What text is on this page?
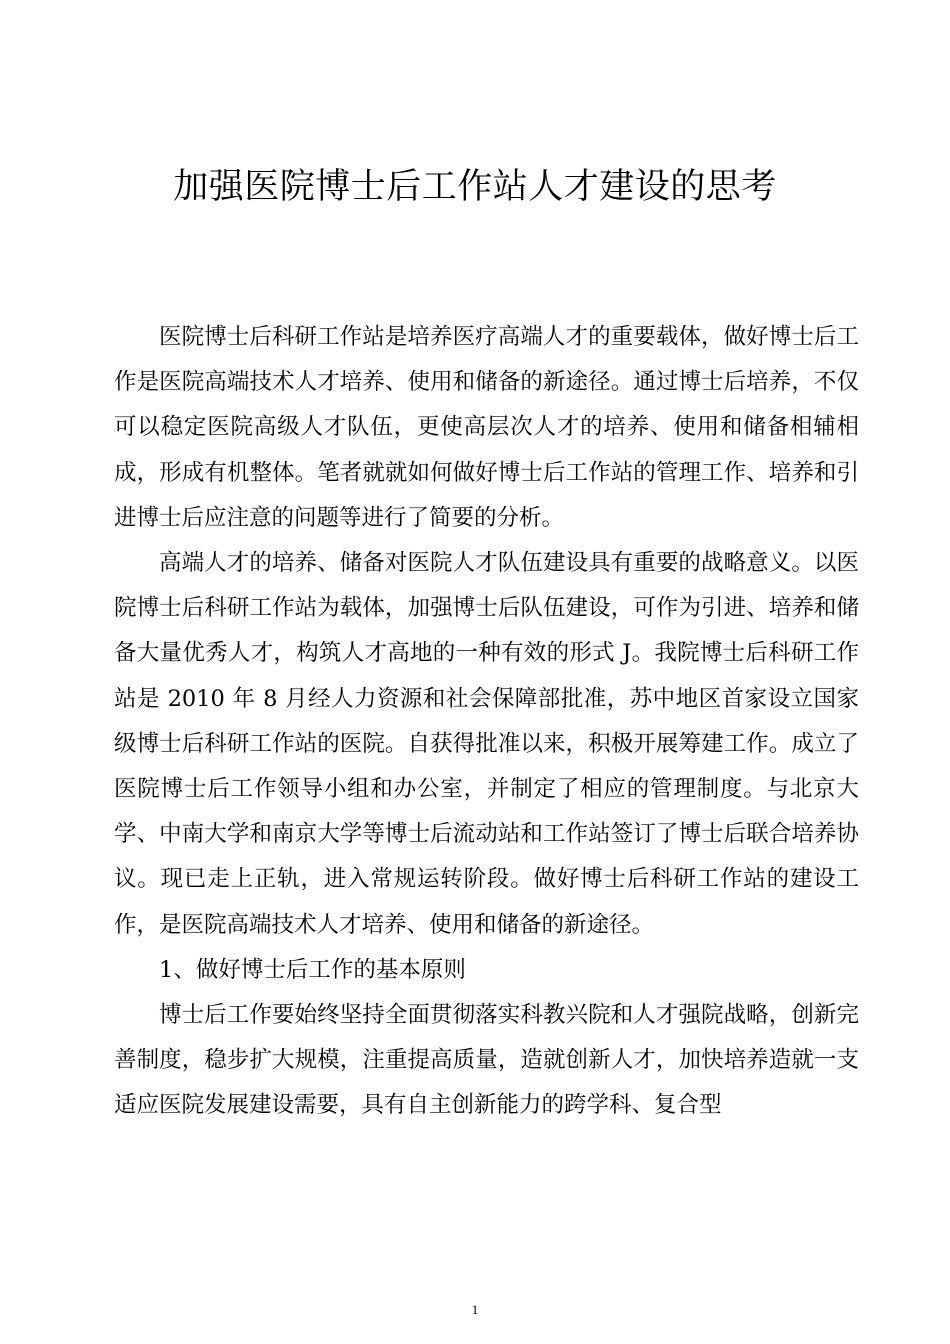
加强医院博士后工作站人才建设的思考

医院博士后科研工作站是培养医疗高端人才的重要载体，做好博士后工作是医院高端技术人才培养、使用和储备的新途径。通过博士后培养，不仅可以稳定医院高级人才队伍，更使高层次人才的培养、使用和储备相辅相成，形成有机整体。笔者就就如何做好博士后工作站的管理工作、培养和引进博士后应注意的问题等进行了简要的分析。

高端人才的培养、储备对医院人才队伍建设具有重要的战略意义。以医院博士后科研工作站为载体，加强博士后队伍建设，可作为引进、培养和储备大量优秀人才，构筑人才高地的一种有效的形式 J。我院博士后科研工作站是 2010 年 8 月经人力资源和社会保障部批准，苏中地区首家设立国家级博士后科研工作站的医院。自获得批准以来，积极开展筹建工作。成立了医院博士后工作领导小组和办公室，并制定了相应的管理制度。与北京大学、中南大学和南京大学等博士后流动站和工作站签订了博士后联合培养协议。现已走上正轨，进入常规运转阶段。做好博士后科研工作站的建设工作，是医院高端技术人才培养、使用和储备的新途径。

1、做好博士后工作的基本原则

博士后工作要始终坚持全面贯彻落实科教兴院和人才强院战略，创新完善制度，稳步扩大规模，注重提高质量，造就创新人才，加快培养造就一支适应医院发展建设需要，具有自主创新能力的跨学科、复合型

1
